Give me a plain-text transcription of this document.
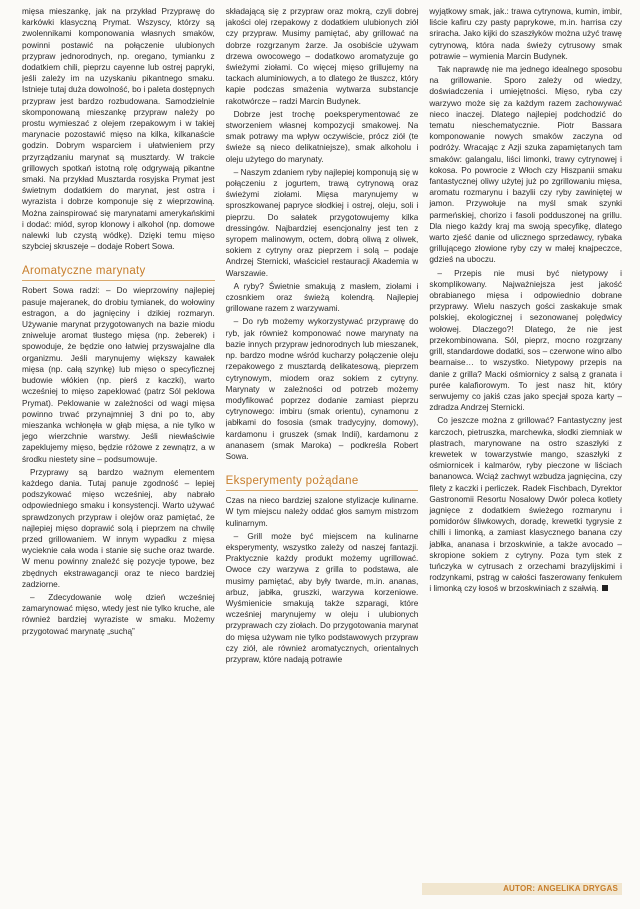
mięsa mieszankę, jak na przykład Przyprawę do karkówki klasyczną Prymat. Wszyscy, którzy są zwolennikami komponowania własnych smaków, powinni postawić na połączenie ulubionych przypraw jednorodnych, np. oregano, tymianku z dodatkiem chili, pieprzu cayenne lub ostrej papryki, jeśli zależy im na uzyskaniu pikantnego smaku. Istnieje tutaj duża dowolność, bo i paleta dostępnych przypraw jest bardzo rozbudowana. Samodzielnie skomponowaną mieszankę przypraw należy po prostu wymieszać z olejem rzepakowym i w takiej marynacie pozostawić mięso na kilka, kilkanaście godzin. Dobrym wsparciem i ułatwieniem przy przyrządzaniu marynat są musztardy. W trakcie grillowych spotkań istotną rolę odgrywają pikantne smaki. Na przykład Musztarda rosyjska Prymat jest świetnym dodatkiem do marynat, jest ostra i wyrazista i dobrze komponuje się z wieprzowiną. Można zainspirować się marynatami amerykańskimi i dodać: miód, syrop klonowy i alkohol (np. domowe nalewki lub czystą wódkę). Dzięki temu mięso szybciej skruszeje – dodaje Robert Sowa.

Aromatyczne marynaty

Robert Sowa radzi: – Do wieprzowiny najlepiej pasuje majeranek, do drobiu tymianek, do wołowiny estragon, a do jagnięciny i dzikiej rozmaryn. Używanie marynat przygotowanych na bazie miodu zniweluje aromat tłustego mięsa (np. żeberek) i spowoduje, że będzie ono łatwiej przyswajalne dla organizmu. Jeśli marynujemy większy kawałek mięsa (np. całą szynkę) lub mięso o specyficznej budowie włókien (np. pierś z kaczki), warto wcześniej to mięso zapeklować (patrz Sól peklowa Prymat). Peklowanie w zależności od wagi mięsa powinno trwać przynajmniej 3 dni po to, aby mieszanka wchłonęła w głąb mięsa, a nie tylko w jego wierzchnie warstwy. Jeśli niewłaściwie zapeklujemy mięso, będzie różowe z zewnątrz, a w środku niestety sine – podsumowuje.

Przyprawy są bardzo ważnym elementem każdego dania. Tutaj panuje zgodność – lepiej podszykować mięso wcześniej, aby nabrało odpowiedniego smaku i konsystencji. Warto używać sprawdzonych przypraw i olejów oraz pamiętać, że najlepiej mięso doprawić solą i pieprzem na chwilę przed grillowaniem. W innym wypadku z mięsa wycieknie cała woda i stanie się suche oraz twarde. W menu powinny znaleźć się pozycje typowe, bez zbędnych ekstrawagancji oraz te nieco bardziej zadziorne.

– Zdecydowanie wolę dzień wcześniej zamarynować mięso, wtedy jest nie tylko kruche, ale również bardziej wyraziste w smaku. Możemy przygotować marynatę „suchą”

składającą się z przypraw oraz mokrą, czyli dobrej jakości olej rzepakowy z dodatkiem ulubionych ziół czy przypraw. Musimy pamiętać, aby grillować na dobrze rozgrzanym żarze. Ja osobiście używam drzewa owocowego – dodatkowo aromatyzuje go świeżymi ziołami. Co więcej mięso grillujemy na tackach aluminiowych, a to dlatego że tłuszcz, który kapie podczas smażenia wytwarza substancje rakotwórcze – radzi Marcin Budynek.

Dobrze jest trochę poeksperymentować ze stworzeniem własnej kompozycji smakowej. Na smak potrawy ma wpływ oczywiście, prócz ziół (te świeże są nieco delikatniejsze), smak alkoholu i oleju użytego do marynaty.

– Naszym zdaniem ryby najlepiej komponują się w połączeniu z jogurtem, trawą cytrynową oraz świeżymi ziołami. Mięsa marynujemy w sproszkowanej papryce słodkiej i ostrej, oleju, soli i pieprzu. Do sałatek przygotowujemy kilka dressingów. Najbardziej esencjonalny jest ten z syropem malinowym, octem, dobrą oliwą z oliwek, sokiem z cytryny oraz pieprzem i solą – podaje Andrzej Sternicki, właściciel restauracji Akademia w Warszawie.

A ryby? Świetnie smakują z masłem, ziołami i czosnkiem oraz świeżą kolendrą. Najlepiej grillowane razem z warzywami.

– Do ryb możemy wykorzystywać przyprawę do ryb, jak również komponować nowe marynaty na bazie innych przypraw jednorodnych lub mieszanek, np. bardzo modne wśród kucharzy połączenie oleju rzepakowego z musztardą delikatesową, pieprzem cytrynowym, miodem oraz sokiem z cytryny. Marynaty w zależności od potrzeb możemy modyfikować poprzez dodanie zamiast pieprzu cytrynowego: imbiru (smak orientu), cynamonu z jabłkami do fososia (smak tradycyjny, domowy), kardamonu i gruszek (smak Indii), kardamonu z ananasem (smak Maroka) – podkreśla Robert Sowa.

Eksperymenty pożądane

Czas na nieco bardziej szalone stylizacje kulinarne. W tym miejscu należy oddać głos samym mistrzom kulinarnym.

– Grill może być miejscem na kulinarne eksperymenty, wszystko zależy od naszej fantazji. Praktycznie każdy produkt możemy ugrillować. Owoce czy warzywa z grilla to podstawa, ale musimy pamiętać, aby były twarde, m.in. ananas, arbuz, jabłka, gruszki, warzywa korzeniowe. Wyśmienicie smakują także szparagi, które wcześniej marynujemy w oleju i ulubionych przyprawach czy ziołach. Do przygotowania marynat do mięsa używam nie tylko podstawowych przypraw czy ziół, ale również aromatycznych, orientalnych przypraw, które nadają potrawie

wyjątkowy smak, jak.: trawa cytrynowa, kumin, imbir, liście kafiru czy pasty paprykowe, m.in. harrisa czy sriracha. Jako kijki do szaszłyków można użyć trawę cytrynową, która nada świeży cytrusowy smak potrawie – wymienia Marcin Budynek.

Tak naprawdę nie ma jednego idealnego sposobu na grillowanie. Sporo zależy od wiedzy, doświadczenia i umiejętności. Mięso, ryba czy warzywo może się za każdym razem zachowywać nieco inaczej. Dlatego najlepiej podchodzić do tematu nieschematycznie. Piotr Bassara komponowanie nowych smaków zaczyna od podróży. Wracając z Azji szuka zapamiętanych tam smaków: galangalu, liści limonki, trawy cytrynowej i kokosa. Po powrocie z Włoch czy Hiszpanii smaku fantastycznej oliwy użytej już po zgrillowaniu mięsa, aromatu rozmarynu i bazylii czy ryby zawiniętej w jamon. Przywołuje na myśl smak szynki parmeńskiej, chorizo i fasoli podduszonej na grillu. Dla niego każdy kraj ma swoją specyfikę, dlatego warto zjeść danie od ulicznego sprzedawcy, rybaka grillującego złowione ryby czy w małej knajpeczce, gdzieś na uboczu.

– Przepis nie musi być nietypowy i skomplikowany. Najważniejsza jest jakość obrabianego mięsa i odpowiednio dobrane przyprawy. Wielu naszych gości zaskakuje smak polskiej, ekologicznej i sezonowanej polędwicy wołowej. Dlaczego?! Dlatego, że nie jest przekombinowana. Sól, pieprz, mocno rozgrzany grill, standardowe dodatki, sos – czerwone wino albo bearnaise… to wszystko. Nietypowy przepis na danie z grilla? Macki ośmiornicy z salsą z granata i purée kalafiorowym. To jest nasz hit, który serwujemy co jakiś czas jako specjał spoza karty – zdradza Andrzej Sternicki.

Co jeszcze można z grillować? Fantastyczny jest karczoch, pietruszka, marchewka, słodki ziemniak w plastrach, marynowane na ostro szaszłyki z krewetek w towarzystwie mango, szaszłyki z ośmiornicek i kalmarów, ryby pieczone w liściach bananowca. Wciąż zachwyt wzbudza jagnięcina, czy filety z kaczki i perliczek. Radek Fischbach, Dyrektor Gastronomii Resortu Nosalowy Dwór poleca kotlety jagnięce z dodatkiem świeżego rozmarynu i pomidorów śliwkowych, doradę, krewetki tygrysie z chilli i limonką, a zamiast klasycznego banana czy jabłka, ananasa i brzoskwinie, a także avocado – skropione sokiem z cytryny. Poza tym stek z tuńczyka w cytrusach z orzechami brazylijskimi i rodzynkami, pstrąg w całości faszerowany fenkułem i limonką czy łosoś w brzoskwiniach z szałwią.

AUTOR: ANGELIKA DRYGAS
